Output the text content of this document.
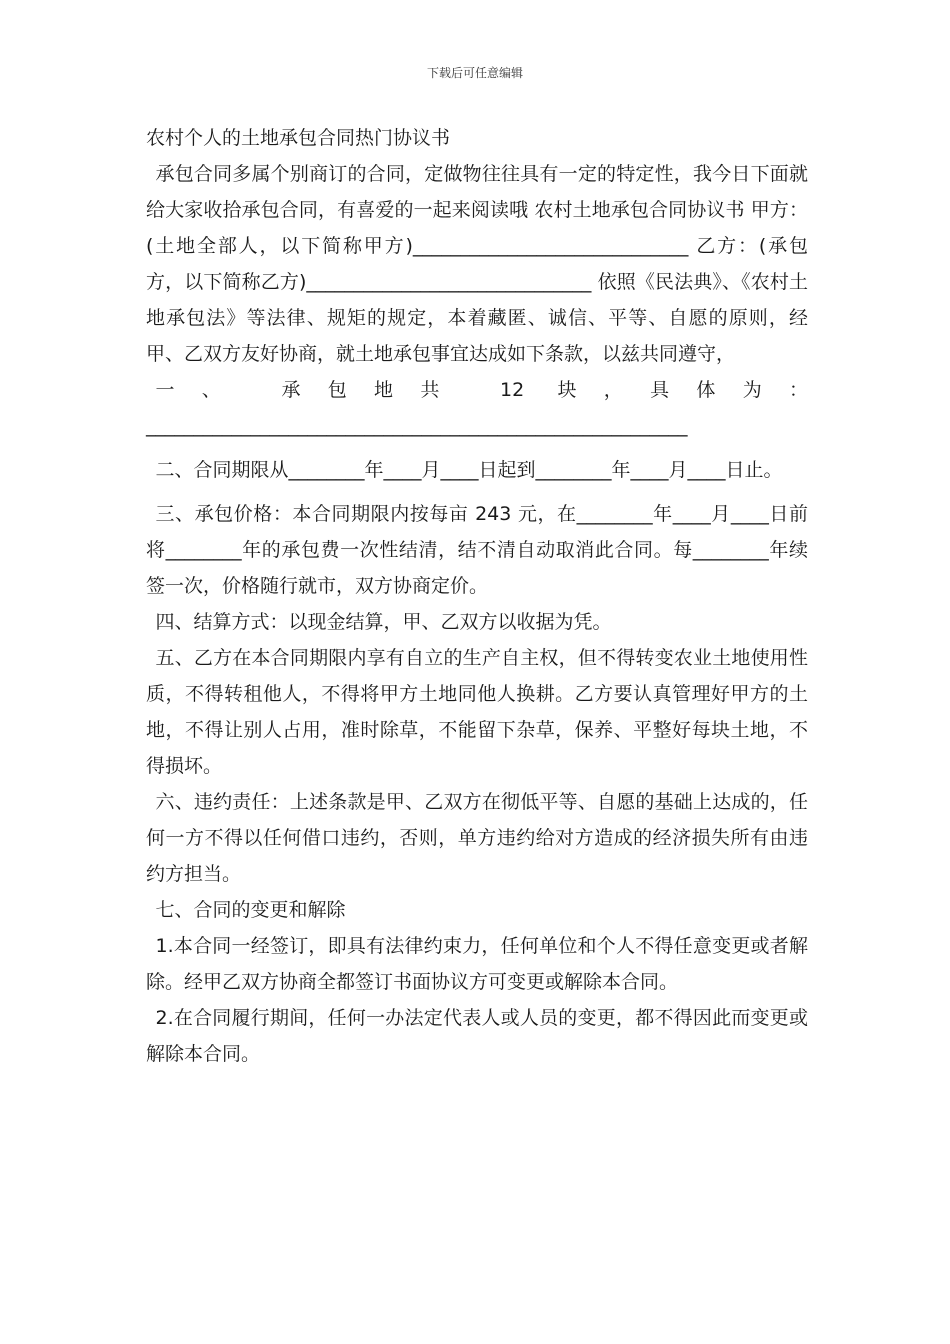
下载后可任意编辑
农村个人的土地承包合同热门协议书

承包合同多属个别商订的合同，定做物往往具有一定的特定性，我今日下面就给大家收拾承包合同，有喜爱的一起来阅读哦 农村土地承包合同协议书 甲方：(土地全部人，以下简称甲方)_____________________________ 乙方：(承包方，以下简称乙方)______________________________ 依照《民法典》、《农村土地承包法》等法律、规矩的规定，本着藏匿、诚信、平等、自愿的原则，经甲、乙双方友好协商，就土地承包事宜达成如下条款，以兹共同遵守，

一、 承包地共 12 块，具体为：_________________________________________________________

二、合同期限从________年____月____日起到________年____月____日止。

三、承包价格：本合同期限内按每亩 243 元，在________年____月____日前将________年的承包费一次性结清，结不清自动取消此合同。每________年续签一次，价格随行就市，双方协商定价。

四、结算方式：以现金结算，甲、乙双方以收据为凭。

五、乙方在本合同期限内享有自立的生产自主权，但不得转变农业土地使用性质，不得转租他人，不得将甲方土地同他人换耕。乙方要认真管理好甲方的土地，不得让别人占用，准时除草，不能留下杂草，保养、平整好每块土地，不得损坏。

六、违约责任：上述条款是甲、乙双方在彻低平等、自愿的基础上达成的，任何一方不得以任何借口违约，否则，单方违约给对方造成的经济损失所有由违约方担当。

七、合同的变更和解除

1.本合同一经签订，即具有法律约束力，任何单位和个人不得任意变更或者解除。经甲乙双方协商全都签订书面协议方可变更或解除本合同。

2.在合同履行期间，任何一办法定代表人或人员的变更，都不得因此而变更或解除本合同。
